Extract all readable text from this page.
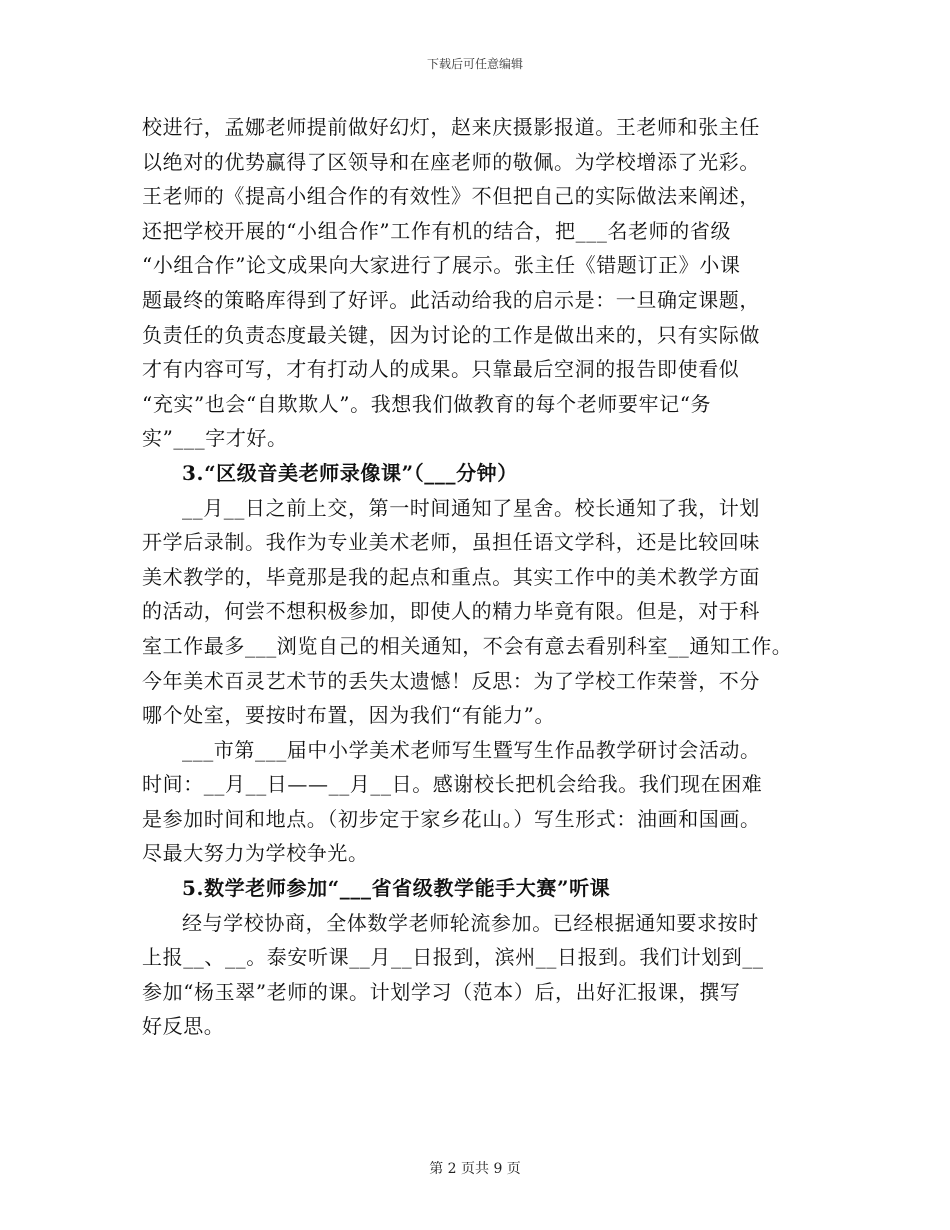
下载后可任意编辑
校进行，孟娜老师提前做好幻灯，赵来庆摄影报道。王老师和张主任
以绝对的优势赢得了区领导和在座老师的敬佩。为学校增添了光彩。
王老师的《提高小组合作的有效性》不但把自己的实际做法来阐述，
还把学校开展的“小组合作”工作有机的结合，把___名老师的省级
“小组合作”论文成果向大家进行了展示。张主任《错题订正》小课
题最终的策略库得到了好评。此活动给我的启示是：一旦确定课题，
负责任的负责态度最关键，因为讨论的工作是做出来的，只有实际做
才有内容可写，才有打动人的成果。只靠最后空洞的报告即使看似
“充实”也会“自欺欺人”。我想我们做教育的每个老师要牢记“务
实”___字才好。
3.“区级音美老师录像课”（___分钟）
__月__日之前上交，第一时间通知了星舍。校长通知了我，计划
开学后录制。我作为专业美术老师，虽担任语文学科，还是比较回味
美术教学的，毕竟那是我的起点和重点。其实工作中的美术教学方面
的活动，何尝不想积极参加，即使人的精力毕竟有限。但是，对于科
室工作最多___浏览自己的相关通知，不会有意去看别科室__通知工作。
今年美术百灵艺术节的丢失太遗憾！反思：为了学校工作荣誉，不分
哪个处室，要按时布置，因为我们“有能力”。
___市第___届中小学美术老师写生暨写生作品教学研讨会活动。
时间：__月__日——__月__日。感谢校长把机会给我。我们现在困难
是参加时间和地点。（初步定于家乡花山。）写生形式：油画和国画。
尽最大努力为学校争光。
5.数学老师参加“___省省级教学能手大赛”听课
经与学校协商，全体数学老师轮流参加。已经根据通知要求按时
上报__、__。泰安听课__月__日报到，滨州__日报到。我们计划到__
参加“杨玉翠”老师的课。计划学习（范本）后，出好汇报课，撰写
好反思。
第 2 页共 9 页
